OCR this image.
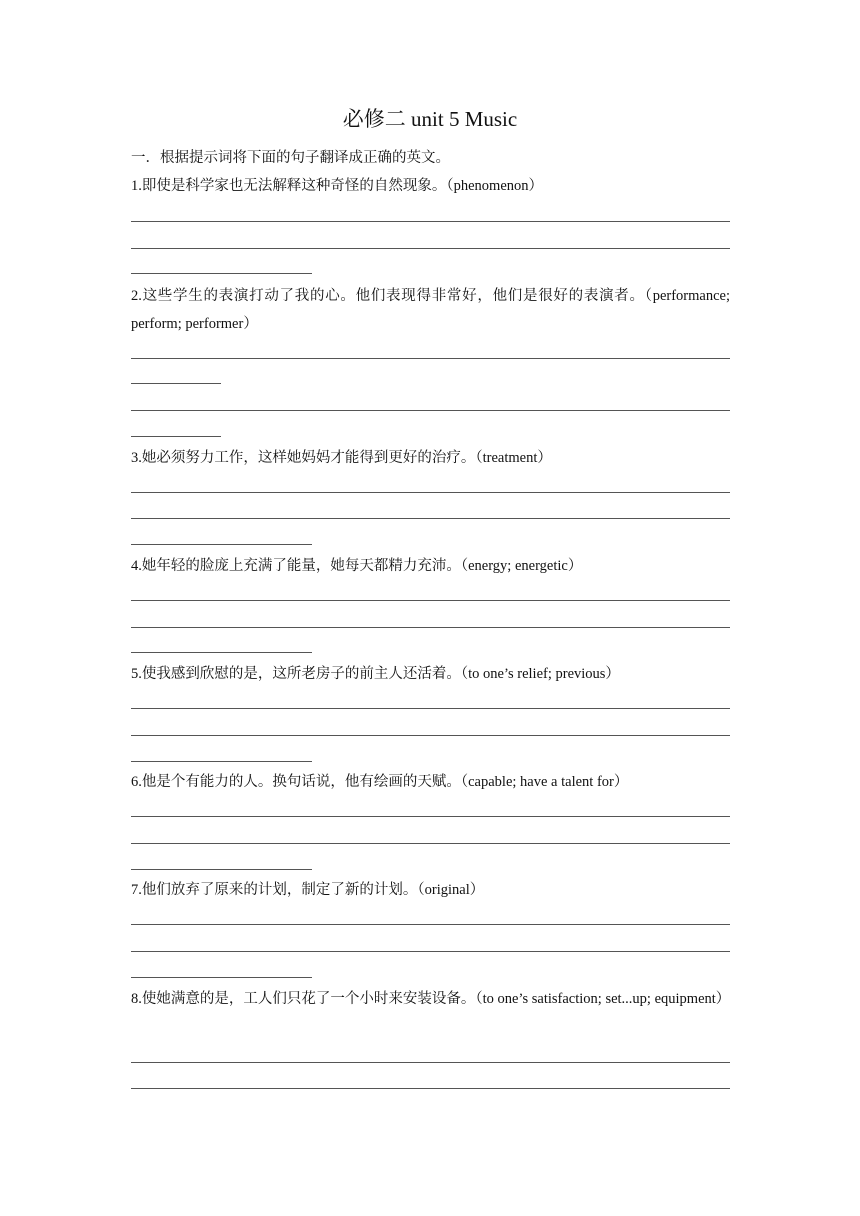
必修二 unit 5 Music
一．根据提示词将下面的句子翻译成正确的英文。
1.即使是科学家也无法解释这种奇怪的自然现象。（phenomenon）
2.这些学生的表演打动了我的心。他们表现得非常好，他们是很好的表演者。（performance; perform; performer）
3.她必须努力工作，这样她妈妈才能得到更好的治疗。（treatment）
4.她年轻的脸庞上充满了能量，她每天都精力充沛。（energy; energetic）
5.使我感到欣慰的是，这所老房子的前主人还活着。（to one’s relief; previous）
6.他是个有能力的人。换句话说，他有绘画的天赋。（capable; have a talent for）
7.他们放弃了原来的计划，制定了新的计划。（original）
8.使她满意的是，工人们只花了一个小时来安装设备。（to one’s satisfaction; set...up; equipment）
